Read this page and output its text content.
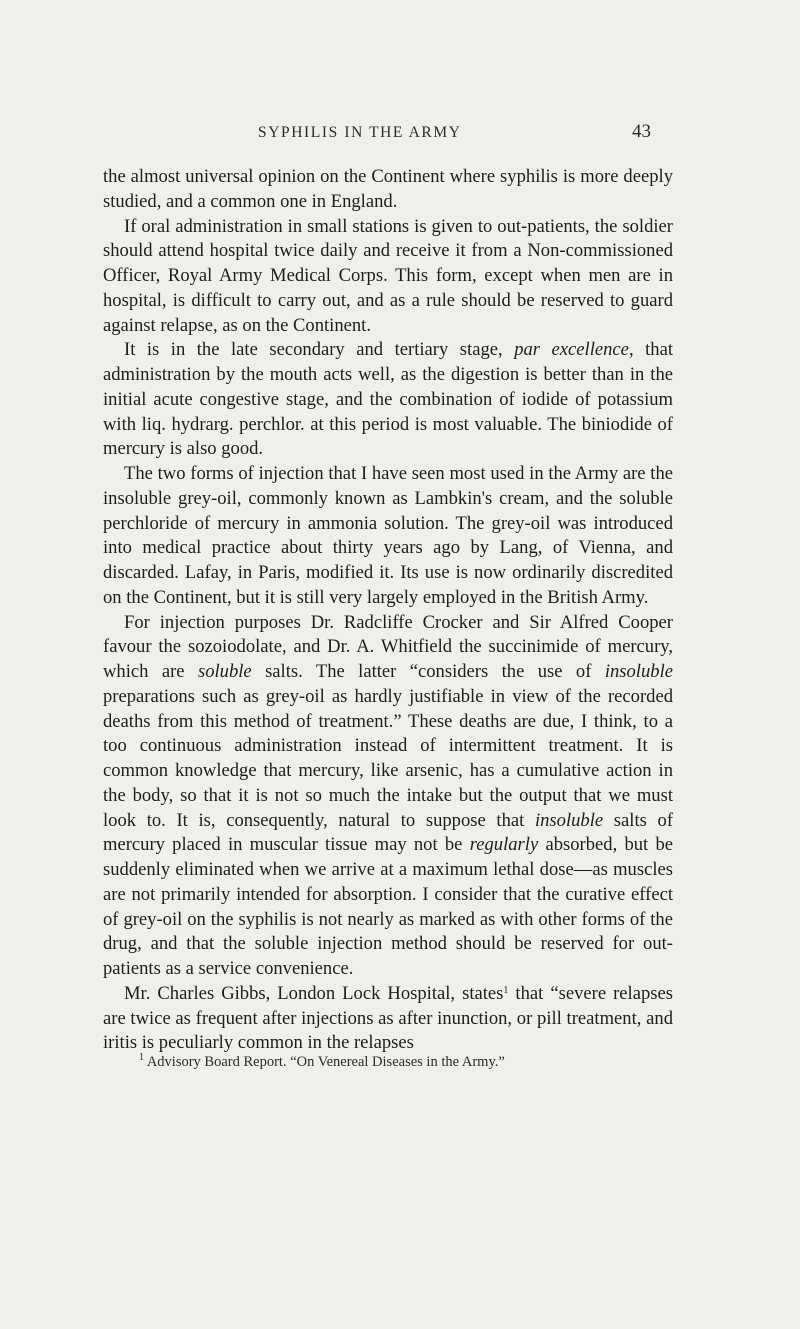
SYPHILIS IN THE ARMY	43

the almost universal opinion on the Continent where syphilis is more deeply studied, and a common one in England.

If oral administration in small stations is given to out-patients, the soldier should attend hospital twice daily and receive it from a Non-commissioned Officer, Royal Army Medical Corps. This form, except when men are in hospital, is difficult to carry out, and as a rule should be reserved to guard against relapse, as on the Continent.

It is in the late secondary and tertiary stage, par excellence, that administration by the mouth acts well, as the digestion is better than in the initial acute congestive stage, and the combination of iodide of potassium with liq. hydrarg. perchlor. at this period is most valuable. The biniodide of mercury is also good.

The two forms of injection that I have seen most used in the Army are the insoluble grey-oil, commonly known as Lambkin's cream, and the soluble perchloride of mercury in ammonia solution. The grey-oil was introduced into medical practice about thirty years ago by Lang, of Vienna, and discarded. Lafay, in Paris, modified it. Its use is now ordinarily discredited on the Continent, but it is still very largely employed in the British Army.

For injection purposes Dr. Radcliffe Crocker and Sir Alfred Cooper favour the sozoiodolate, and Dr. A. Whitfield the succinimide of mercury, which are soluble salts. The latter “considers the use of insoluble preparations such as grey-oil as hardly justifiable in view of the recorded deaths from this method of treatment.” These deaths are due, I think, to a too continuous administration instead of intermittent treatment. It is common knowledge that mercury, like arsenic, has a cumulative action in the body, so that it is not so much the intake but the output that we must look to. It is, consequently, natural to suppose that insoluble salts of mercury placed in muscular tissue may not be regularly absorbed, but be suddenly eliminated when we arrive at a maximum lethal dose—as muscles are not primarily intended for absorption. I consider that the curative effect of grey-oil on the syphilis is not nearly as marked as with other forms of the drug, and that the soluble injection method should be reserved for out-patients as a service convenience.

Mr. Charles Gibbs, London Lock Hospital, states$^1$ that “severe relapses are twice as frequent after injections as after inunction, or pill treatment, and iritis is peculiarly common in the relapses

$^1$ Advisory Board Report. “On Venereal Diseases in the Army.”
